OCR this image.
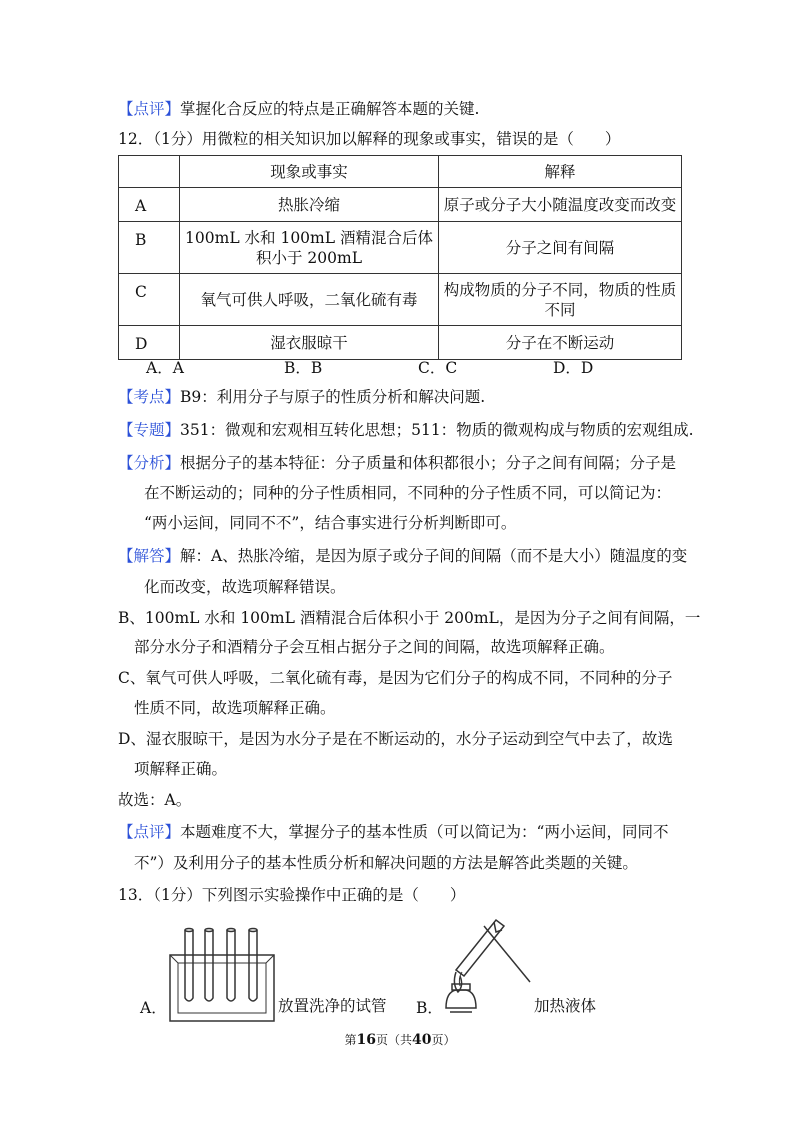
【点评】掌握化合反应的特点是正确解答本题的关键.
12．（1分）用微粒的相关知识加以解释的现象或事实，错误的是（　　）
	现象或事实	解释
A	热胀冷缩	原子或分子大小随温度改变而改变
B	100mL 水和 100mL 酒精混合后体积小于 200mL	分子之间有间隔
C	氧气可供人呼吸，二氧化硫有毒	构成物质的分子不同，物质的性质不同
D	湿衣服晾干	分子在不断运动
A．A	B．B	C．C	D．D
【考点】B9：利用分子与原子的性质分析和解决问题.
【专题】351：微观和宏观相互转化思想；511：物质的微观构成与物质的宏观组成.
【分析】根据分子的基本特征：分子质量和体积都很小；分子之间有间隔；分子是
在不断运动的；同种的分子性质相同，不同种的分子性质不同，可以简记为：
“两小运间，同同不不”，结合事实进行分析判断即可。
【解答】解：A、热胀冷缩，是因为原子或分子间的间隔（而不是大小）随温度的变
化而改变，故选项解释错误。
B、100mL 水和 100mL 酒精混合后体积小于 200mL，是因为分子之间有间隔，一
部分水分子和酒精分子会互相占据分子之间的间隔，故选项解释正确。
C、氧气可供人呼吸，二氧化硫有毒，是因为它们分子的构成不同，不同种的分子
性质不同，故选项解释正确。
D、湿衣服晾干，是因为水分子是在不断运动的，水分子运动到空气中去了，故选
项解释正确。
故选：A。
【点评】本题难度不大，掌握分子的基本性质（可以简记为：“两小运间，同同不
不”）及利用分子的基本性质分析和解决问题的方法是解答此类题的关键。
13．（1分）下列图示实验操作中正确的是（　　）
A．	放置洗净的试管 B．	加热液体
第16页（共40页）
